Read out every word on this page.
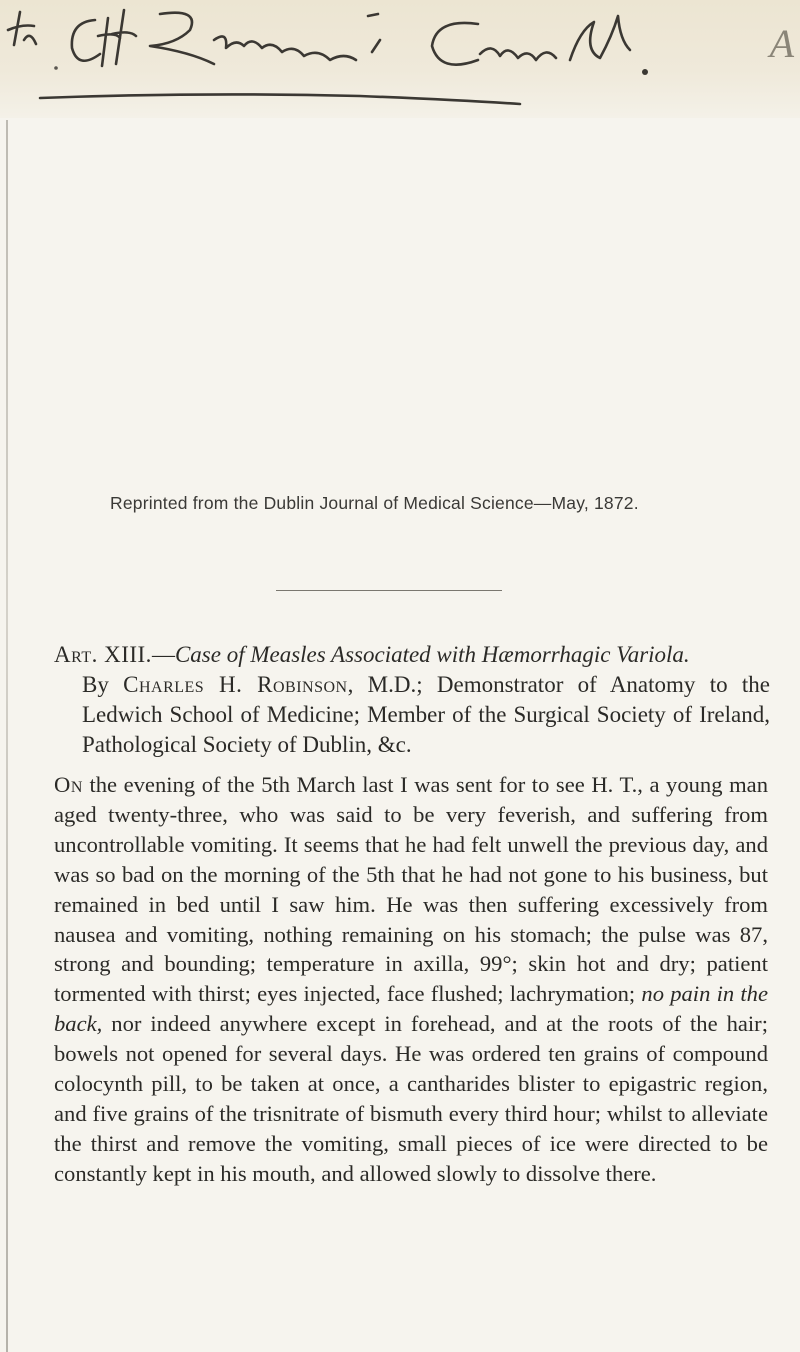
A
Reprinted from the Dublin Journal of Medical Science—May, 1872.
Art. XIII.—Case of Measles Associated with Hæmorrhagic Variola.
By Charles H. Robinson, M.D.; Demonstrator of Anatomy to the Ledwich School of Medicine; Member of the Surgical Society of Ireland, Pathological Society of Dublin, &c.

On the evening of the 5th March last I was sent for to see H. T., a young man aged twenty-three, who was said to be very feverish, and suffering from uncontrollable vomiting. It seems that he had felt unwell the previous day, and was so bad on the morning of the 5th that he had not gone to his business, but remained in bed until I saw him. He was then suffering excessively from nausea and vomiting, nothing remaining on his stomach; the pulse was 87, strong and bounding; temperature in axilla, 99°; skin hot and dry; patient tormented with thirst; eyes injected, face flushed; lachrymation; no pain in the back, nor indeed anywhere except in forehead, and at the roots of the hair; bowels not opened for several days. He was ordered ten grains of compound colocynth pill, to be taken at once, a cantharides blister to epigastric region, and five grains of the trisnitrate of bismuth every third hour; whilst to alleviate the thirst and remove the vomiting, small pieces of ice were directed to be constantly kept in his mouth, and allowed slowly to dissolve there.
